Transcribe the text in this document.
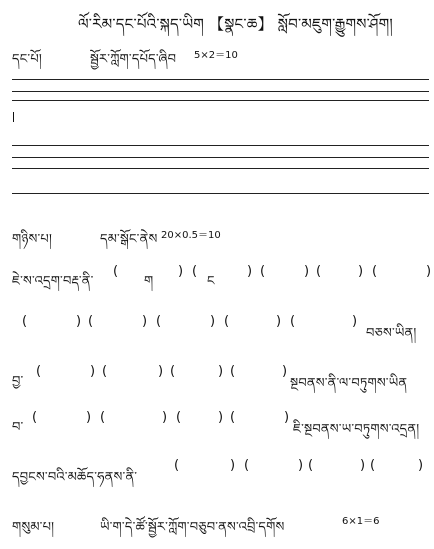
ལོ་རིམ་དང་པོའི་སྐད་ཡིག 【སྣང་ཆ】 སློབ་མཇུག་རྒྱུགས་ཤོག།
དང་པོ།	སྦྱོར་ཀློག་དཔོད་ཞིབ 5×2＝10
གཉིས་པ།	དམ་སྒོང་ནེས 20×0.5＝10
ཇེ་ས་འདྲག་བརྡ་ནི་
(
ག
) (
ང
) (	) (	) (	)
(	) (	) (	) (	) (	)
བཅས་ཡིན།
བྱ་
(	) (	) (	) (	)
སྔབནས་ནི་ལ་བཏུགས་ཡིན
བ་
(	) (	) (	) (	)
ཇི་སྔབནས་ཡ་བཏུགས་འདྲན།
དབྱངས་བའི་མཆོད་ཧནས་ནི་
(	) (	) (	) (	)
གསུམ་པ།	ཡི་ག་དེ་ཚོ་སྦྱོར་ཀློག་བཅུབ་ནས་འབྲི་དགོས	6×1＝6
